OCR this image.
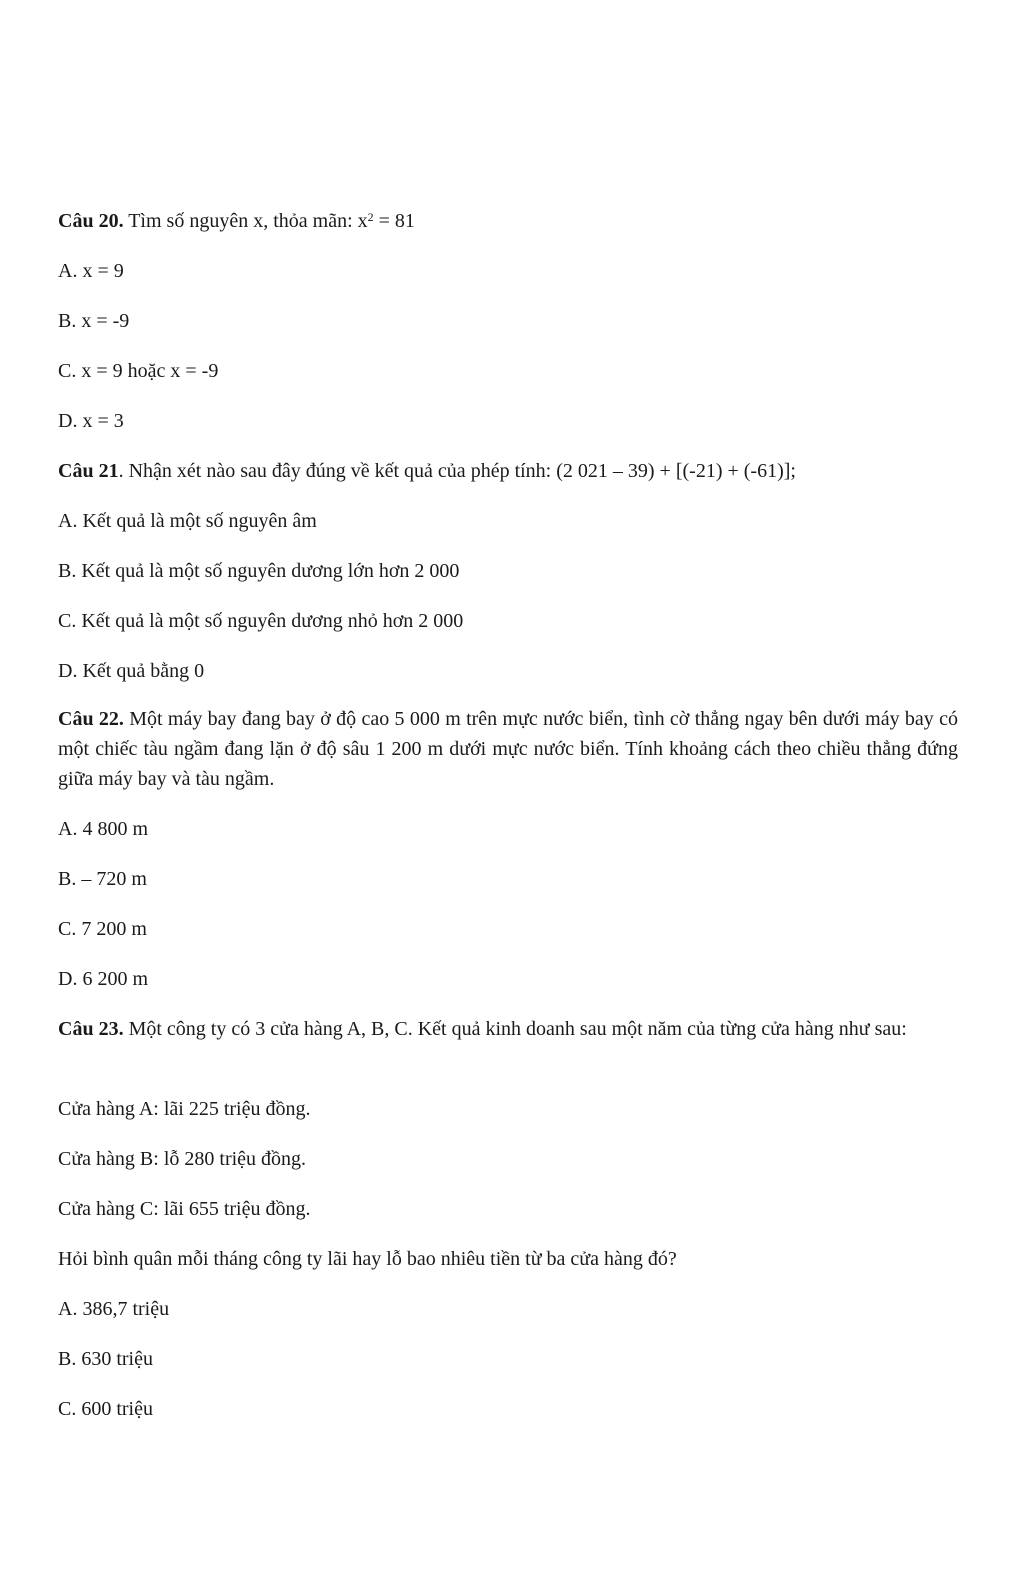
Câu 20. Tìm số nguyên x, thỏa mãn: $x^2 = 81$
A. x = 9
B. x = -9
C. x = 9 hoặc x = -9
D. x = 3
Câu 21. Nhận xét nào sau đây đúng về kết quả của phép tính: (2 021 – 39) + [(-21) + (-61)];
A. Kết quả là một số nguyên âm
B. Kết quả là một số nguyên dương lớn hơn 2 000
C. Kết quả là một số nguyên dương nhỏ hơn 2 000
D. Kết quả bằng 0
Câu 22. Một máy bay đang bay ở độ cao 5 000 m trên mực nước biển, tình cờ thẳng ngay bên dưới máy bay có một chiếc tàu ngầm đang lặn ở độ sâu 1 200 m dưới mực nước biển. Tính khoảng cách theo chiều thẳng đứng giữa máy bay và tàu ngầm.
A. 4 800 m
B. – 720 m
C. 7 200 m
D. 6 200 m
Câu 23. Một công ty có 3 cửa hàng A, B, C. Kết quả kinh doanh sau một năm của từng cửa hàng như sau:
Cửa hàng A: lãi 225 triệu đồng.
Cửa hàng B: lỗ 280 triệu đồng.
Cửa hàng C: lãi 655 triệu đồng.
Hỏi bình quân mỗi tháng công ty lãi hay lỗ bao nhiêu tiền từ ba cửa hàng đó?
A. 386,7 triệu
B. 630 triệu
C. 600 triệu
